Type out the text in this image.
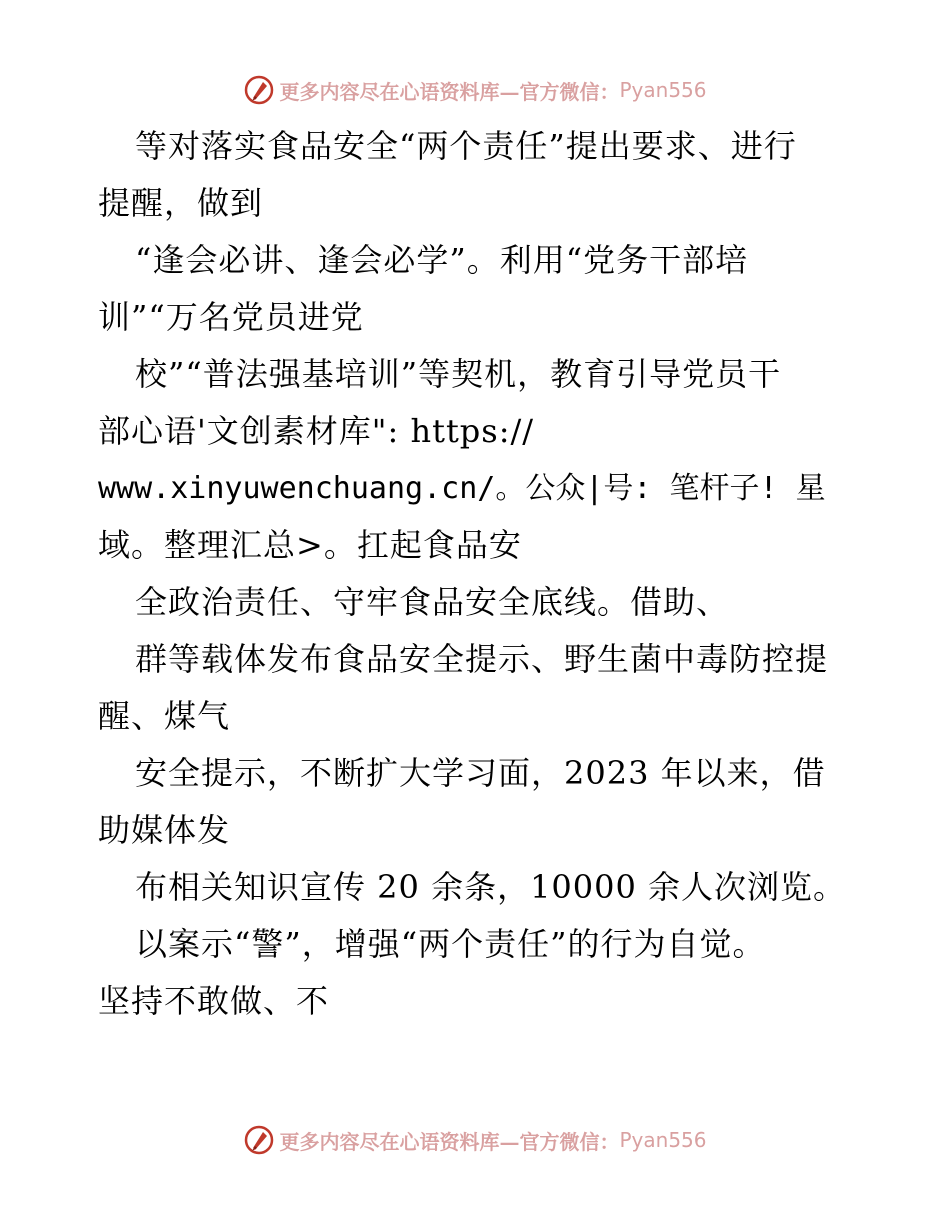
更多内容尽在心语资料库—官方微信： Pyan556
等对落实食品安全“两个责任”提出要求、进行
提醒，做到
“逢会必讲、逢会必学”。利用“党务干部培
训”“万名党员进党
校”“普法强基培训”等契机，教育引导党员干
部心语'文创素材库": https://
www.xinyuwenchuang.cn/。公众|号: 笔杆子! 星
域。整理汇总>。扛起食品安
全政治责任、守牢食品安全底线。借助、
群等载体发布食品安全提示、野生菌中毒防控提
醒、煤气
安全提示，不断扩大学习面，2023 年以来，借
助媒体发
布相关知识宣传 20 余条，10000 余人次浏览。
以案示“警”，增强“两个责任”的行为自觉。
坚持不敢做、不
更多内容尽在心语资料库—官方微信： Pyan556
